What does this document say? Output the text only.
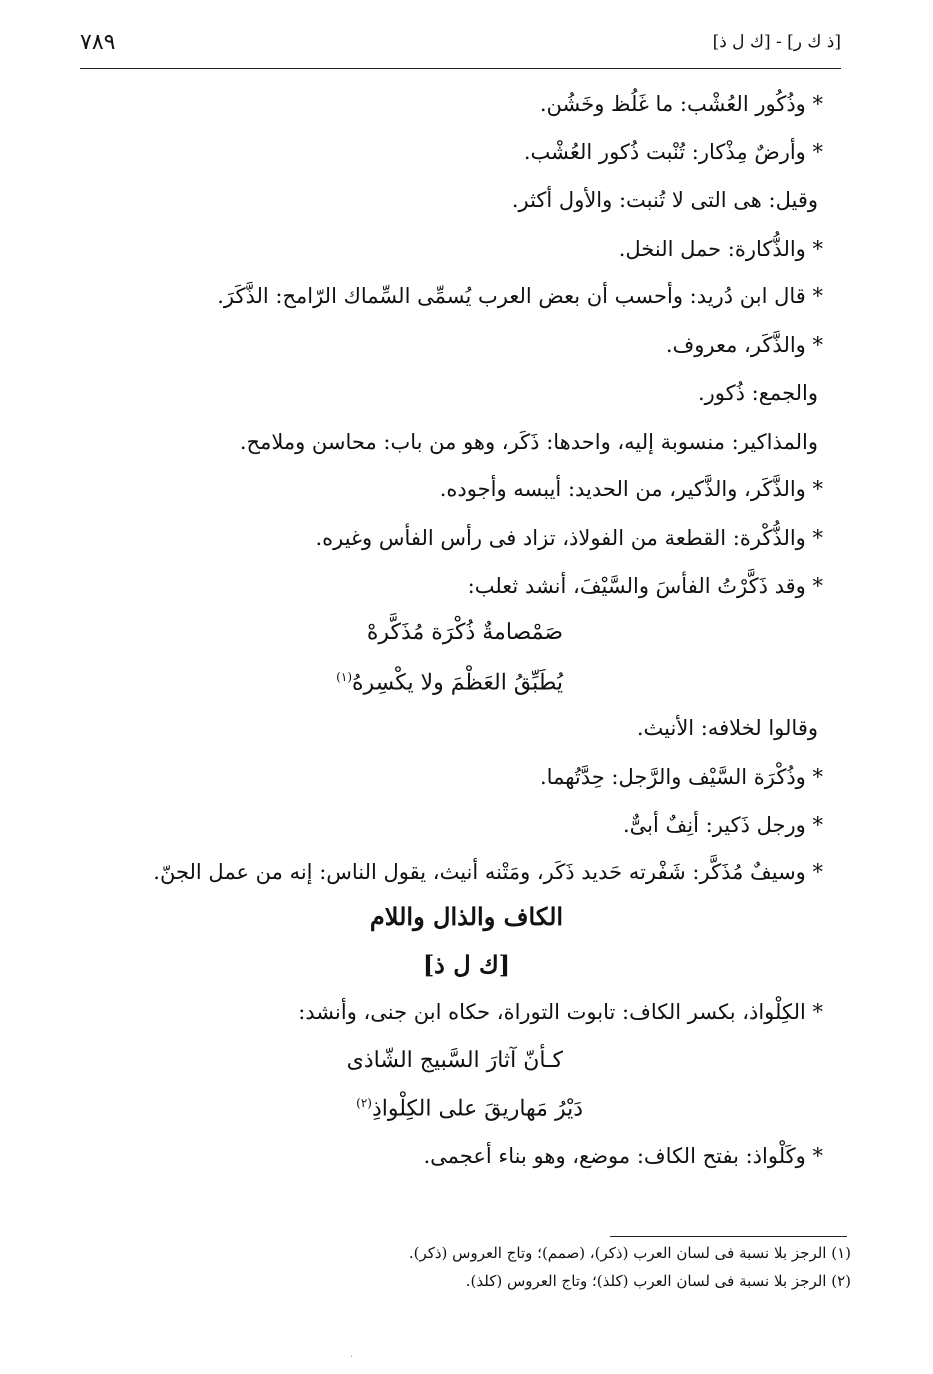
٧٨٩	[ذ ك ر] - [ك ل ذ]
* وذُكُور العُشْب: ما غَلُظ وخَشُن.
* وأرضٌ مِذْكار: تُنْبت ذُكور العُشْب.
وقيل: هى التى لا تُنبت: والأول أكثر.
* والذُّكارة: حمل النخل.
* قال ابن دُريد: وأحسب أن بعض العرب يُسمِّى السِّماك الرّامح: الذَّكَرَ.
* والذَّكَر، معروف.
والجمع: ذُكور.
والمذاكير: منسوبة إليه، واحدها: ذَكَر، وهو من باب: محاسن وملامح.
* والذَّكَر، والذَّكير، من الحديد: أيبسه وأجوده.
* والذُّكْرة: القطعة من الفولاذ، تزاد فى رأس الفأس وغيره.
* وقد ذَكَّرْتُ الفأسَ والسَّيْفَ، أنشد ثعلب:
صَمْصامةٌ ذُكْرَة مُذَكَّرهْ
يُطَبِّقُ العَظْمَ ولا يكْسِرهُ$^{(١)}$
وقالوا لخلافه: الأنيث.
* وذُكْرَة السَّيْف والرَّجل: حِدَّتُهما.
* ورجل ذَكير: أنِفٌ أبىٌّ.
* وسيفٌ مُذَكَّر: شَفْرته حَديد ذَكَر، ومَتْنه أنيث، يقول الناس: إنه من عمل الجنّ.
الكاف والذال واللام
[ك ل ذ]
* الكِلْواذ، بكسر الكاف: تابوت التوراة، حكاه ابن جنى، وأنشد:
كـأنّ آثارَ السَّبيج الشّاذى
دَيْرُ مَهاريقَ على الكِلْواذِ$^{(٢)}$
* وكَلْواذ: بفتح الكاف: موضع، وهو بناء أعجمى.
(١) الرجز بلا نسبة فى لسان العرب (ذكر)، (صمم)؛ وتاج العروس (ذكر).
(٢) الرجز بلا نسبة فى لسان العرب (كلذ)؛ وتاج العروس (كلذ).
·
